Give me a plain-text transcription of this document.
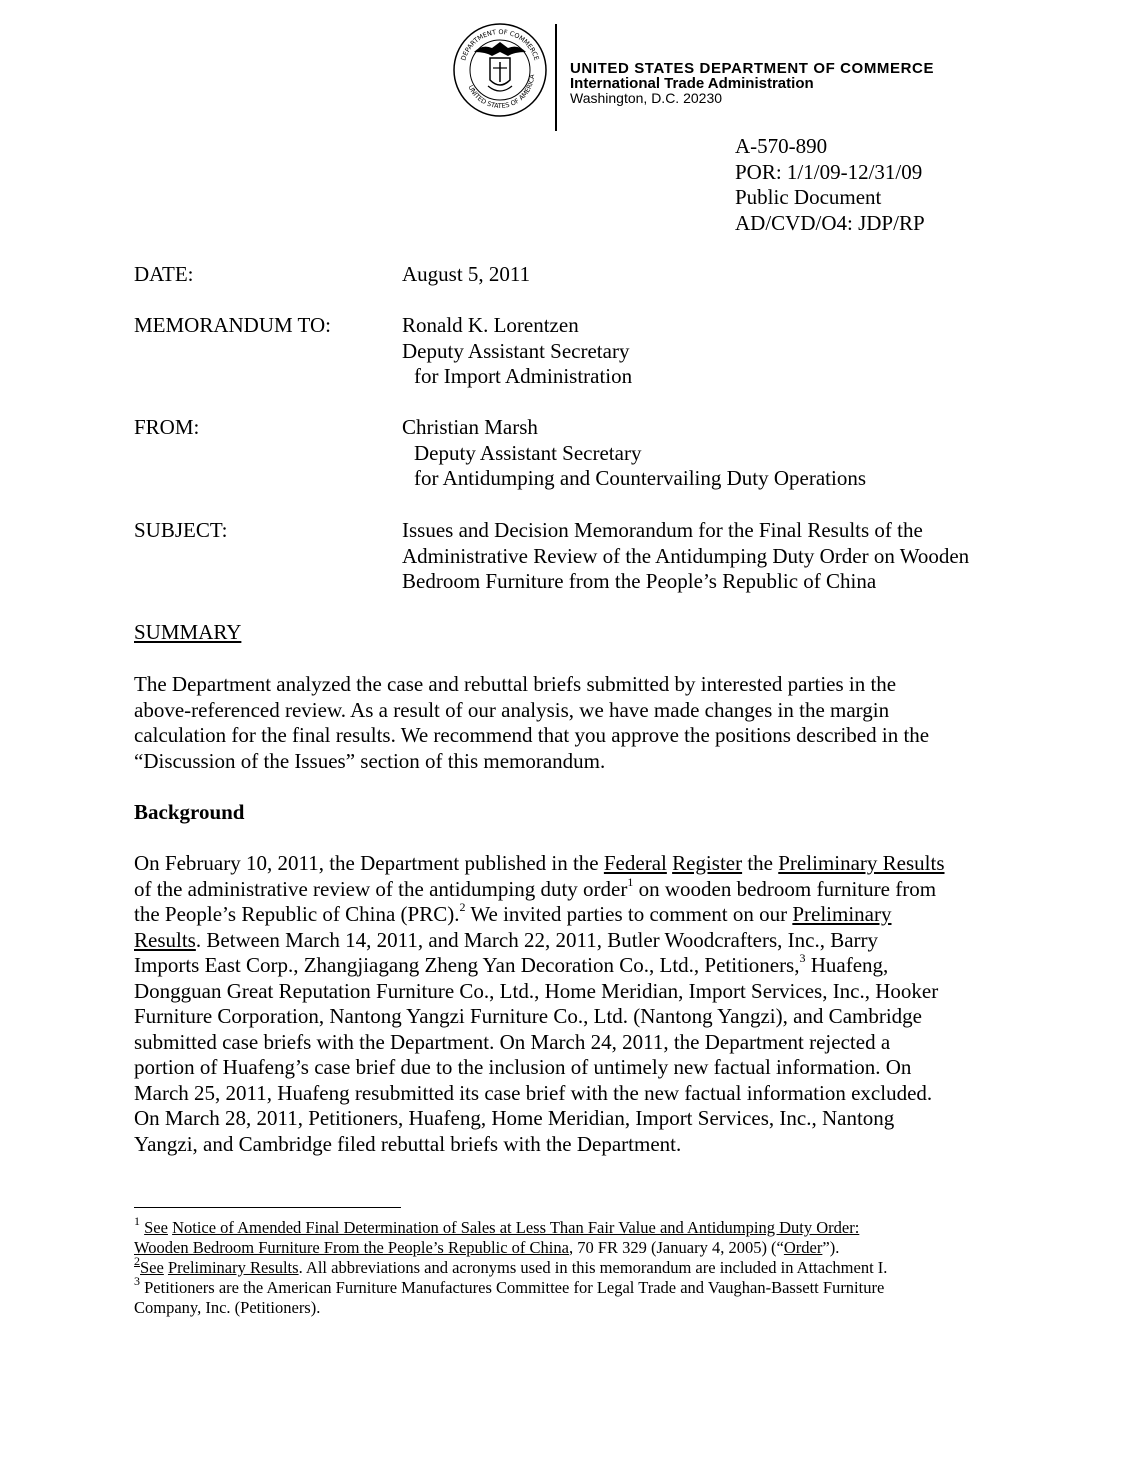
DEPARTMENT OF COMMERCE
UNITED STATES OF AMERICA UNITED STATES DEPARTMENT OF COMMERCE
International Trade Administration
Washington, D.C. 20230
A-570-890
POR: 1/1/09-12/31/09
Public Document
AD/CVD/O4: JDP/RP
DATE:	August 5, 2011
MEMORANDUM TO:	Ronald K. Lorentzen
Deputy Assistant Secretary
for Import Administration
FROM:	Christian Marsh
Deputy Assistant Secretary
for Antidumping and Countervailing Duty Operations
SUBJECT:	Issues and Decision Memorandum for the Final Results of the
Administrative Review of the Antidumping Duty Order on Wooden
Bedroom Furniture from the People’s Republic of China
SUMMARY
The Department analyzed the case and rebuttal briefs submitted by interested parties in the
above-referenced review. As a result of our analysis, we have made changes in the margin
calculation for the final results. We recommend that you approve the positions described in the
“Discussion of the Issues” section of this memorandum.
Background
On February 10, 2011, the Department published in the Federal Register the Preliminary Results
of the administrative review of the antidumping duty order$^1$ on wooden bedroom furniture from
the People’s Republic of China (PRC).$^2$ We invited parties to comment on our Preliminary
Results. Between March 14, 2011, and March 22, 2011, Butler Woodcrafters, Inc., Barry
Imports East Corp., Zhangjiagang Zheng Yan Decoration Co., Ltd., Petitioners,$^3$ Huafeng,
Dongguan Great Reputation Furniture Co., Ltd., Home Meridian, Import Services, Inc., Hooker
Furniture Corporation, Nantong Yangzi Furniture Co., Ltd. (Nantong Yangzi), and Cambridge
submitted case briefs with the Department. On March 24, 2011, the Department rejected a
portion of Huafeng’s case brief due to the inclusion of untimely new factual information. On
March 25, 2011, Huafeng resubmitted its case brief with the new factual information excluded.
On March 28, 2011, Petitioners, Huafeng, Home Meridian, Import Services, Inc., Nantong
Yangzi, and Cambridge filed rebuttal briefs with the Department.
$^1$ See Notice of Amended Final Determination of Sales at Less Than Fair Value and Antidumping Duty Order:
Wooden Bedroom Furniture From the People’s Republic of China, 70 FR 329 (January 4, 2005) (“Order”).
$^2$See Preliminary Results. All abbreviations and acronyms used in this memorandum are included in Attachment I.
$^3$ Petitioners are the American Furniture Manufactures Committee for Legal Trade and Vaughan-Bassett Furniture
Company, Inc. (Petitioners).
